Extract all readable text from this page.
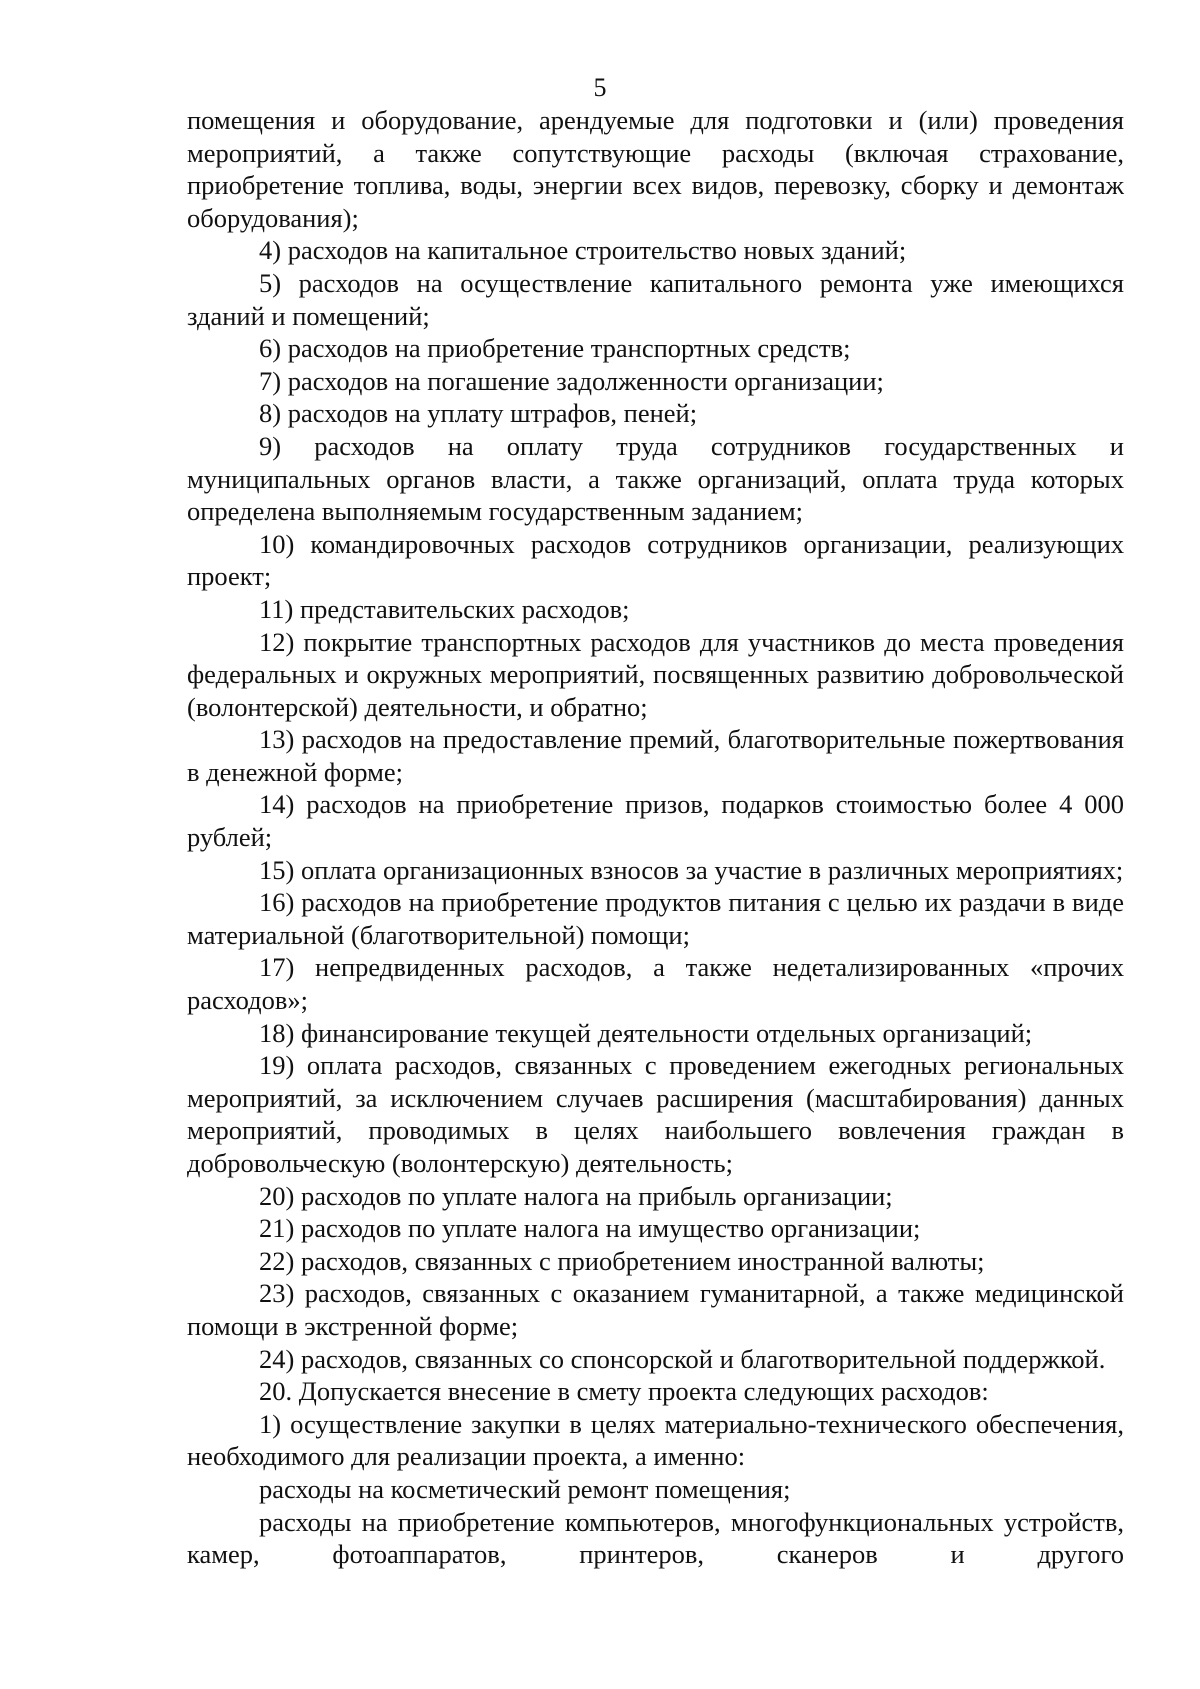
5

помещения и оборудование, арендуемые для подготовки и (или) проведения мероприятий, а также сопутствующие расходы (включая страхование, приобретение топлива, воды, энергии всех видов, перевозку, сборку и демонтаж оборудования);

4) расходов на капитальное строительство новых зданий;

5) расходов на осуществление капитального ремонта уже имеющихся зданий и помещений;

6) расходов на приобретение транспортных средств;

7) расходов на погашение задолженности организации;

8) расходов на уплату штрафов, пеней;

9) расходов на оплату труда сотрудников государственных и муниципальных органов власти, а также организаций, оплата труда которых определена выполняемым государственным заданием;

10) командировочных расходов сотрудников организации, реализующих проект;

11) представительских расходов;

12) покрытие транспортных расходов для участников до места проведения федеральных и окружных мероприятий, посвященных развитию добровольческой (волонтерской) деятельности, и обратно;

13) расходов на предоставление премий, благотворительные пожертвования в денежной форме;

14) расходов на приобретение призов, подарков стоимостью более 4 000 рублей;

15) оплата организационных взносов за участие в различных мероприятиях;

16) расходов на приобретение продуктов питания с целью их раздачи в виде материальной (благотворительной) помощи;

17) непредвиденных расходов, а также недетализированных «прочих расходов»;

18) финансирование текущей деятельности отдельных организаций;

19) оплата расходов, связанных с проведением ежегодных региональных мероприятий, за исключением случаев расширения (масштабирования) данных мероприятий, проводимых в целях наибольшего вовлечения граждан в добровольческую (волонтерскую) деятельность;

20) расходов по уплате налога на прибыль организации;

21) расходов по уплате налога на имущество организации;

22) расходов, связанных с приобретением иностранной валюты;

23) расходов, связанных с оказанием гуманитарной, а также медицинской помощи в экстренной форме;

24) расходов, связанных со спонсорской и благотворительной поддержкой.

20. Допускается внесение в смету проекта следующих расходов:

1) осуществление закупки в целях материально-технического обеспечения, необходимого для реализации проекта, а именно:

расходы на косметический ремонт помещения;

расходы на приобретение компьютеров, многофункциональных устройств, камер, фотоаппаратов, принтеров, сканеров и другого
